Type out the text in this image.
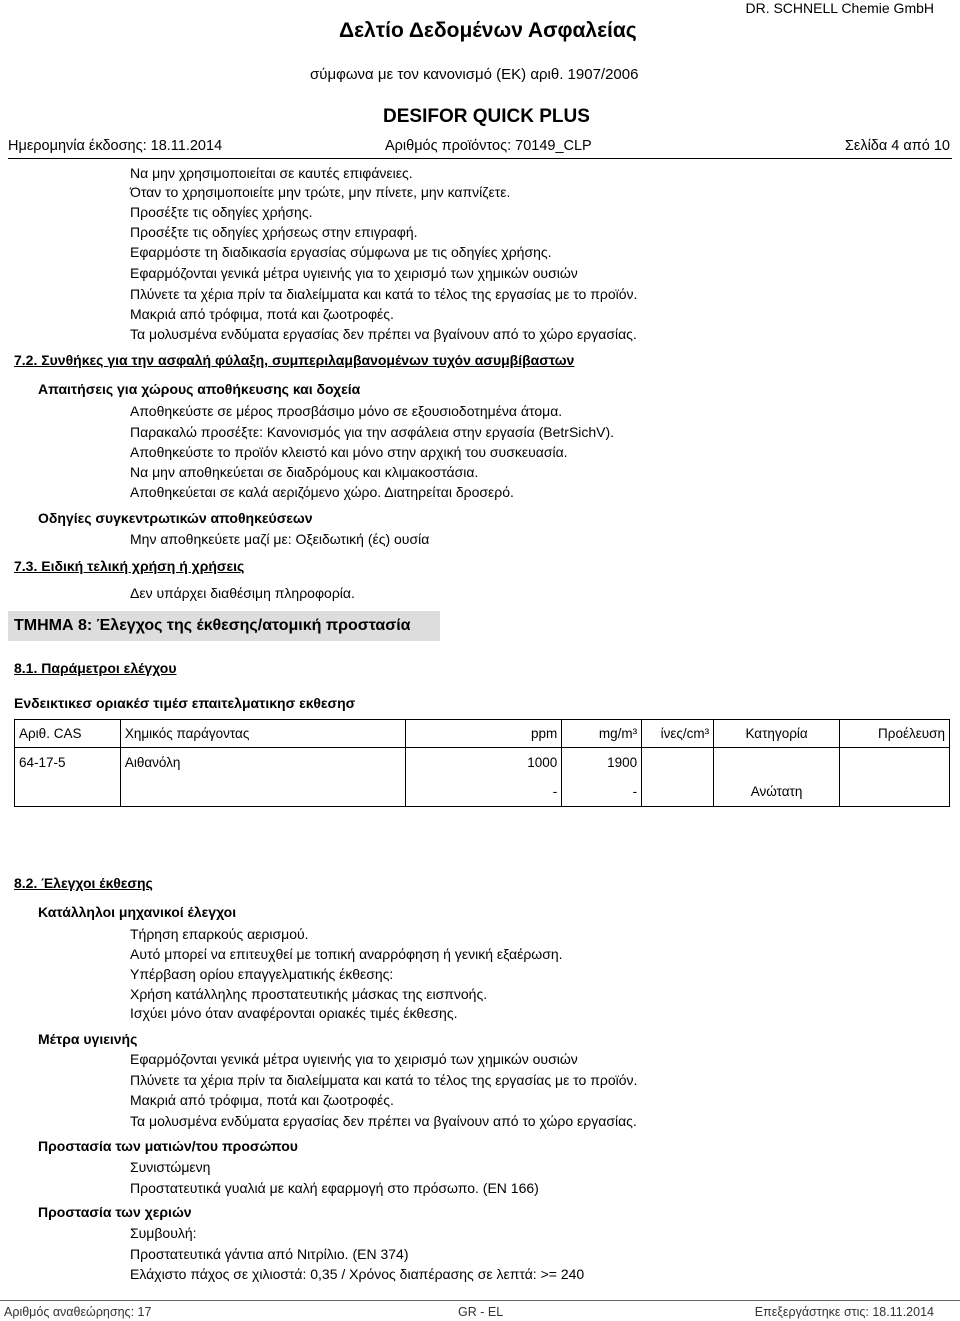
Δελτίο Δεδομένων Ασφαλείας
DR. SCHNELL Chemie GmbH
σύμφωνα με τον κανονισμό (ΕΚ) αριθ. 1907/2006
DESIFOR QUICK PLUS
Ημερομηνία έκδοσης: 18.11.2014	Αριθμός προϊόντος: 70149_CLP	Σελίδα 4 από 10
Να μην χρησιμοποιείται σε καυτές επιφάνειες.
Όταν το χρησιμοποιείτε μην τρώτε, μην πίνετε, μην καπνίζετε.
Προσέξτε τις οδηγίες χρήσης.
Προσέξτε τις οδηγίες χρήσεως στην επιγραφή.
Εφαρμόστε τη διαδικασία εργασίας σύμφωνα με τις οδηγίες χρήσης.
Εφαρμόζονται γενικά μέτρα υγιεινής για το χειρισμό των χημικών ουσιών
Πλύνετε τα χέρια πρίν τα διαλείμματα και κατά το τέλος της εργασίας με το προϊόν.
Μακριά από τρόφιμα, ποτά και ζωοτροφές.
Τα μολυσμένα ενδύματα εργασίας δεν πρέπει να βγαίνουν από το χώρο εργασίας.
7.2. Συνθήκες για την ασφαλή φύλαξη, συμπεριλαμβανομένων τυχόν ασυμβίβαστων
Απαιτήσεις για χώρους αποθήκευσης και δοχεία
Αποθηκεύστε σε μέρος προσβάσιμο μόνο σε εξουσιοδοτημένα άτομα.
Παρακαλώ προσέξτε: Κανονισμός για την ασφάλεια στην εργασία (BetrSichV).
Αποθηκεύστε το προϊόν κλειστό και μόνο στην αρχική του συσκευασία.
Να μην αποθηκεύεται σε διαδρόμους και κλιμακοστάσια.
Αποθηκεύεται σε καλά αεριζόμενο χώρο. Διατηρείται δροσερό.
Οδηγίες συγκεντρωτικών αποθηκεύσεων
Μην αποθηκεύετε μαζί με: Οξειδωτική (ές) ουσία
7.3. Ειδική τελική χρήση ή χρήσεις
Δεν υπάρχει διαθέσιμη πληροφορία.
ΤΜΗΜΑ 8: Έλεγχος της έκθεσης/ατομική προστασία
8.1. Παράμετροι ελέγχου
Ενδεικτικεσ οριακέσ τιμέσ επαιτελματικησ εκθεσησ
Αριθ. CAS	Χημικός παράγοντας	ppm	mg/m³	ίνες/cm³	Κατηγορία	Προέλευση
64-17-5	Αιθανόλη	1000	1900			
		-	-		Ανώτατη	
8.2. Έλεγχοι έκθεσης
Κατάλληλοι μηχανικοί έλεγχοι
Τήρηση επαρκούς αερισμού.
Αυτό μπορεί να επιτευχθεί με τοπική αναρρόφηση ή γενική εξαέρωση.
Υπέρβαση ορίου επαγγελματικής έκθεσης:
Χρήση κατάλληλης προστατευτικής μάσκας της εισπνοής.
Ισχύει μόνο όταν αναφέρονται οριακές τιμές έκθεσης.
Μέτρα υγιεινής
Εφαρμόζονται γενικά μέτρα υγιεινής για το χειρισμό των χημικών ουσιών
Πλύνετε τα χέρια πρίν τα διαλείμματα και κατά το τέλος της εργασίας με το προϊόν.
Μακριά από τρόφιμα, ποτά και ζωοτροφές.
Τα μολυσμένα ενδύματα εργασίας δεν πρέπει να βγαίνουν από το χώρο εργασίας.
Προστασία των ματιών/του προσώπου
Συνιστώμενη
Προστατευτικά γυαλιά με καλή εφαρμογή στο πρόσωπο. (EN 166)
Προστασία των χεριών
Συμβουλή:
Προστατευτικά γάντια από Νιτρίλιο. (EN 374)
Ελάχιστο πάχος σε χιλιοστά: 0,35 / Χρόνος διαπέρασης σε λεπτά: >= 240
Αριθμός αναθεώρησης: 17	GR - EL	Επεξεργάστηκε στις: 18.11.2014
